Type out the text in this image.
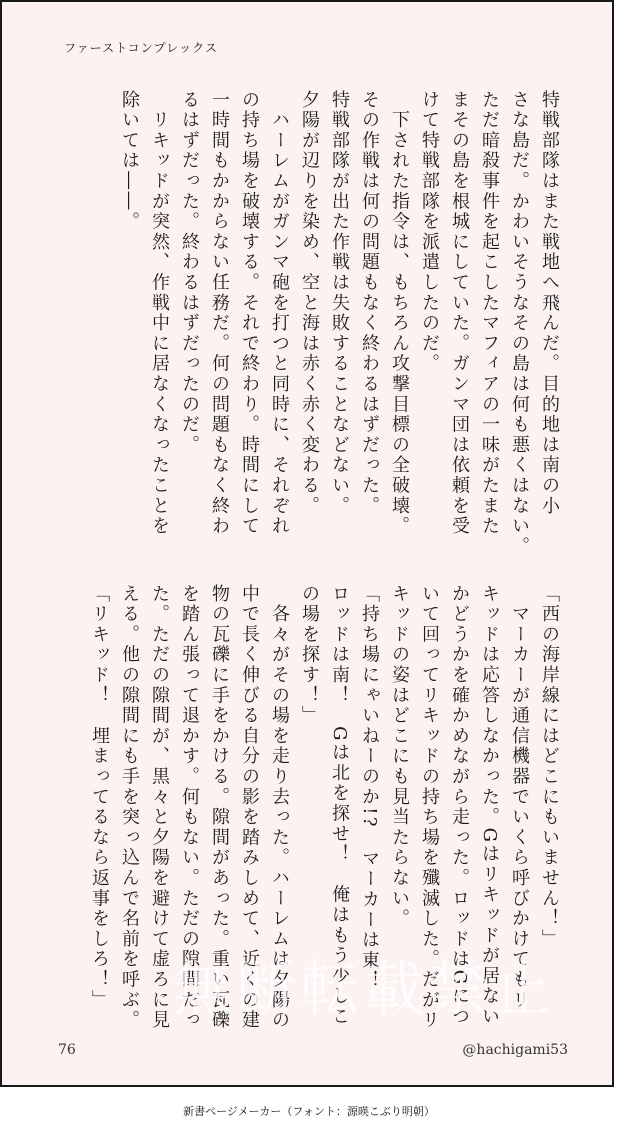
ファーストコンプレックス

特戦部隊はまた戦地へ飛んだ。目的地は南の小

さな島だ。かわいそうなその島は何も悪くはない。

ただ暗殺事件を起こしたマフィアの一味がたまた

まその島を根城にしていた。ガンマ団は依頼を受

けて特戦部隊を派遣したのだ。

　下された指令は、もちろん攻撃目標の全破壊。

その作戦は何の問題もなく終わるはずだった。

特戦部隊が出た作戦は失敗することなどない。

夕陽が辺りを染め、空と海は赤く赤く変わる。

　ハーレムがガンマ砲を打つと同時に、それぞれ

の持ち場を破壊する。それで終わり。時間にして

一時間もかからない任務だ。何の問題もなく終わ

るはずだった。終わるはずだったのだ。

　リキッドが突然、作戦中に居なくなったことを

除いては――。

「西の海岸線にはどこにもいません！」

　マーカーが通信機器でいくら呼びかけてもリ

キッドは応答しなかった。Gはリキッドが居ない

かどうかを確かめながら走った。ロッドはGにつ

いて回ってリキッドの持ち場を殲滅した。だがリ

キッドの姿はどこにも見当たらない。

「持ち場にゃいねーのか!?　マーカーは東！

ロッドは南！　Gは北を探せ！　俺はもう少しこ

の場を探す！」

　各々がその場を走り去った。ハーレムは夕陽の

中で長く伸びる自分の影を踏みしめて、近くの建

物の瓦礫に手をかける。隙間があった。重い瓦礫

を踏ん張って退かす。何もない。ただの隙間だっ

た。ただの隙間が、黒々と夕陽を避けて虚ろに見

える。他の隙間にも手を突っ込んで名前を呼ぶ。

「リキッド！　埋まってるなら返事をしろ！」 無断転載禁止
76	@hachigami53
新書ページメーカー（フォント：源暎こぶり明朝）
